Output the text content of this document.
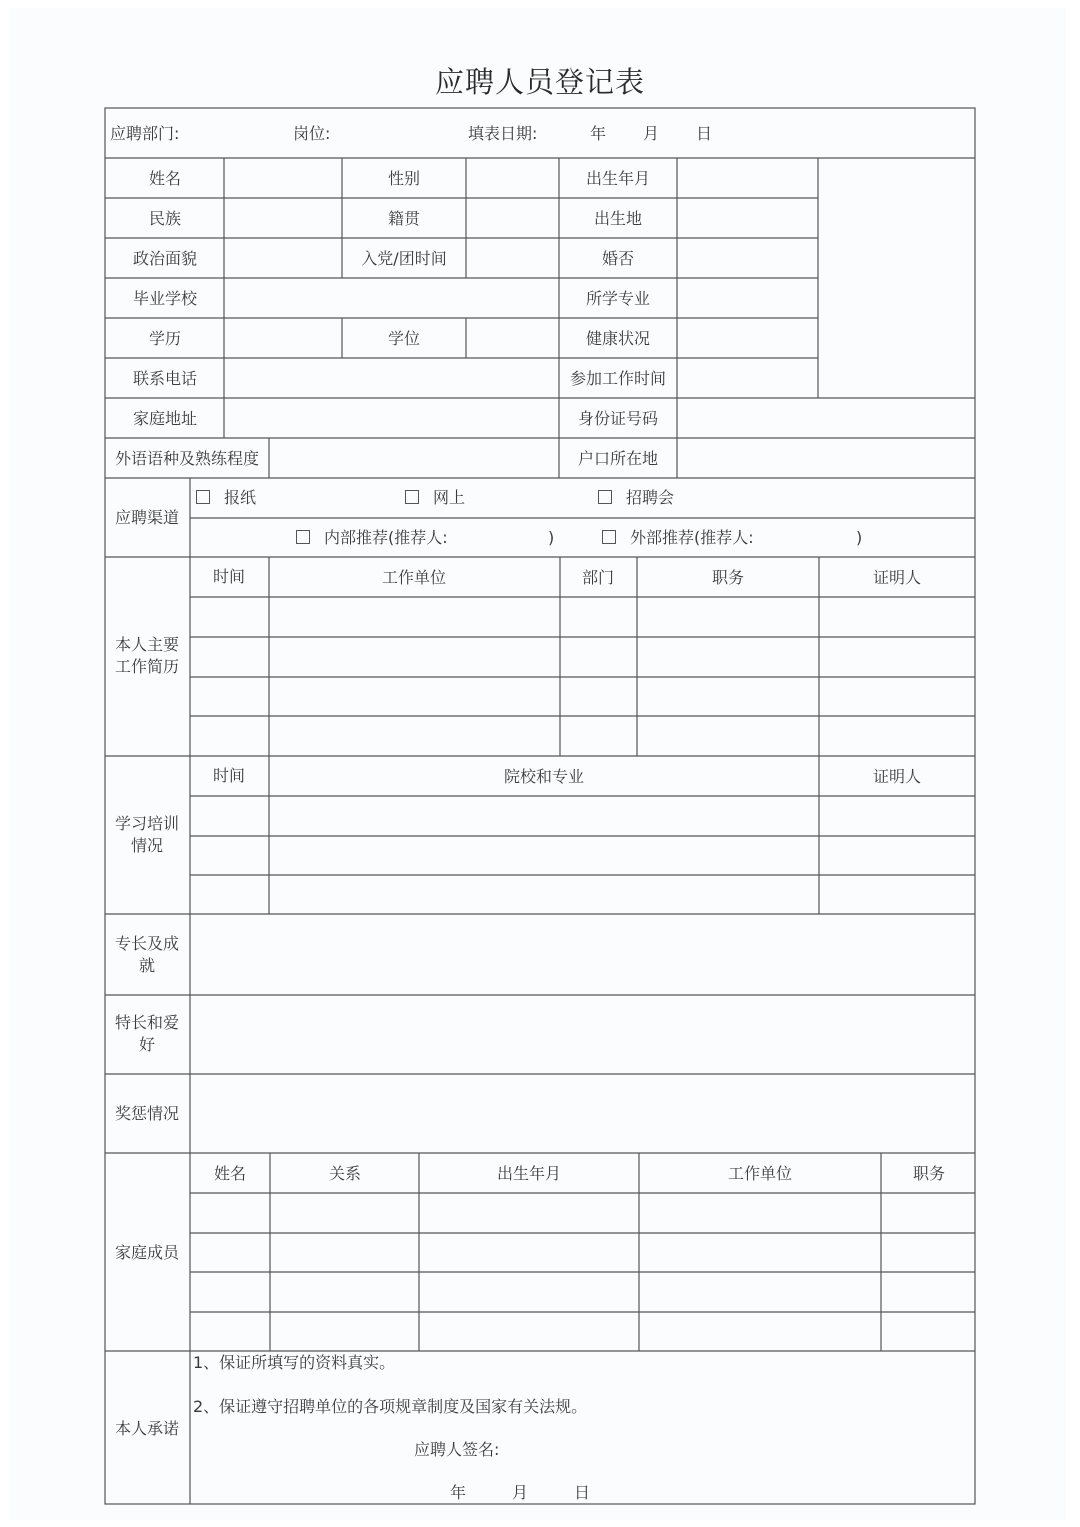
应聘人员登记表
应聘部门:	岗位:	填表日期:	年 月 日
姓名	性别	出生年月
民族	籍贯	出生地
政治面貌	入党/团时间	婚否
毕业学校	所学专业
学历	学位	健康状况
联系电话	参加工作时间
家庭地址	身份证号码
外语语种及熟练程度	户口所在地
应聘渠道
报纸	网上	招聘会
内部推荐(推荐人:	)	外部推荐(推荐人:	)
本人主要工作简历
时间	工作单位	部门	职务	证明人
学习培训情况
时间	院校和专业	证明人
专长及成就
特长和爱好
奖惩情况
家庭成员
姓名	关系	出生年月	工作单位	职务
本人承诺
1、保证所填写的资料真实。
2、保证遵守招聘单位的各项规章制度及国家有关法规。
应聘人签名:
年	月	日
